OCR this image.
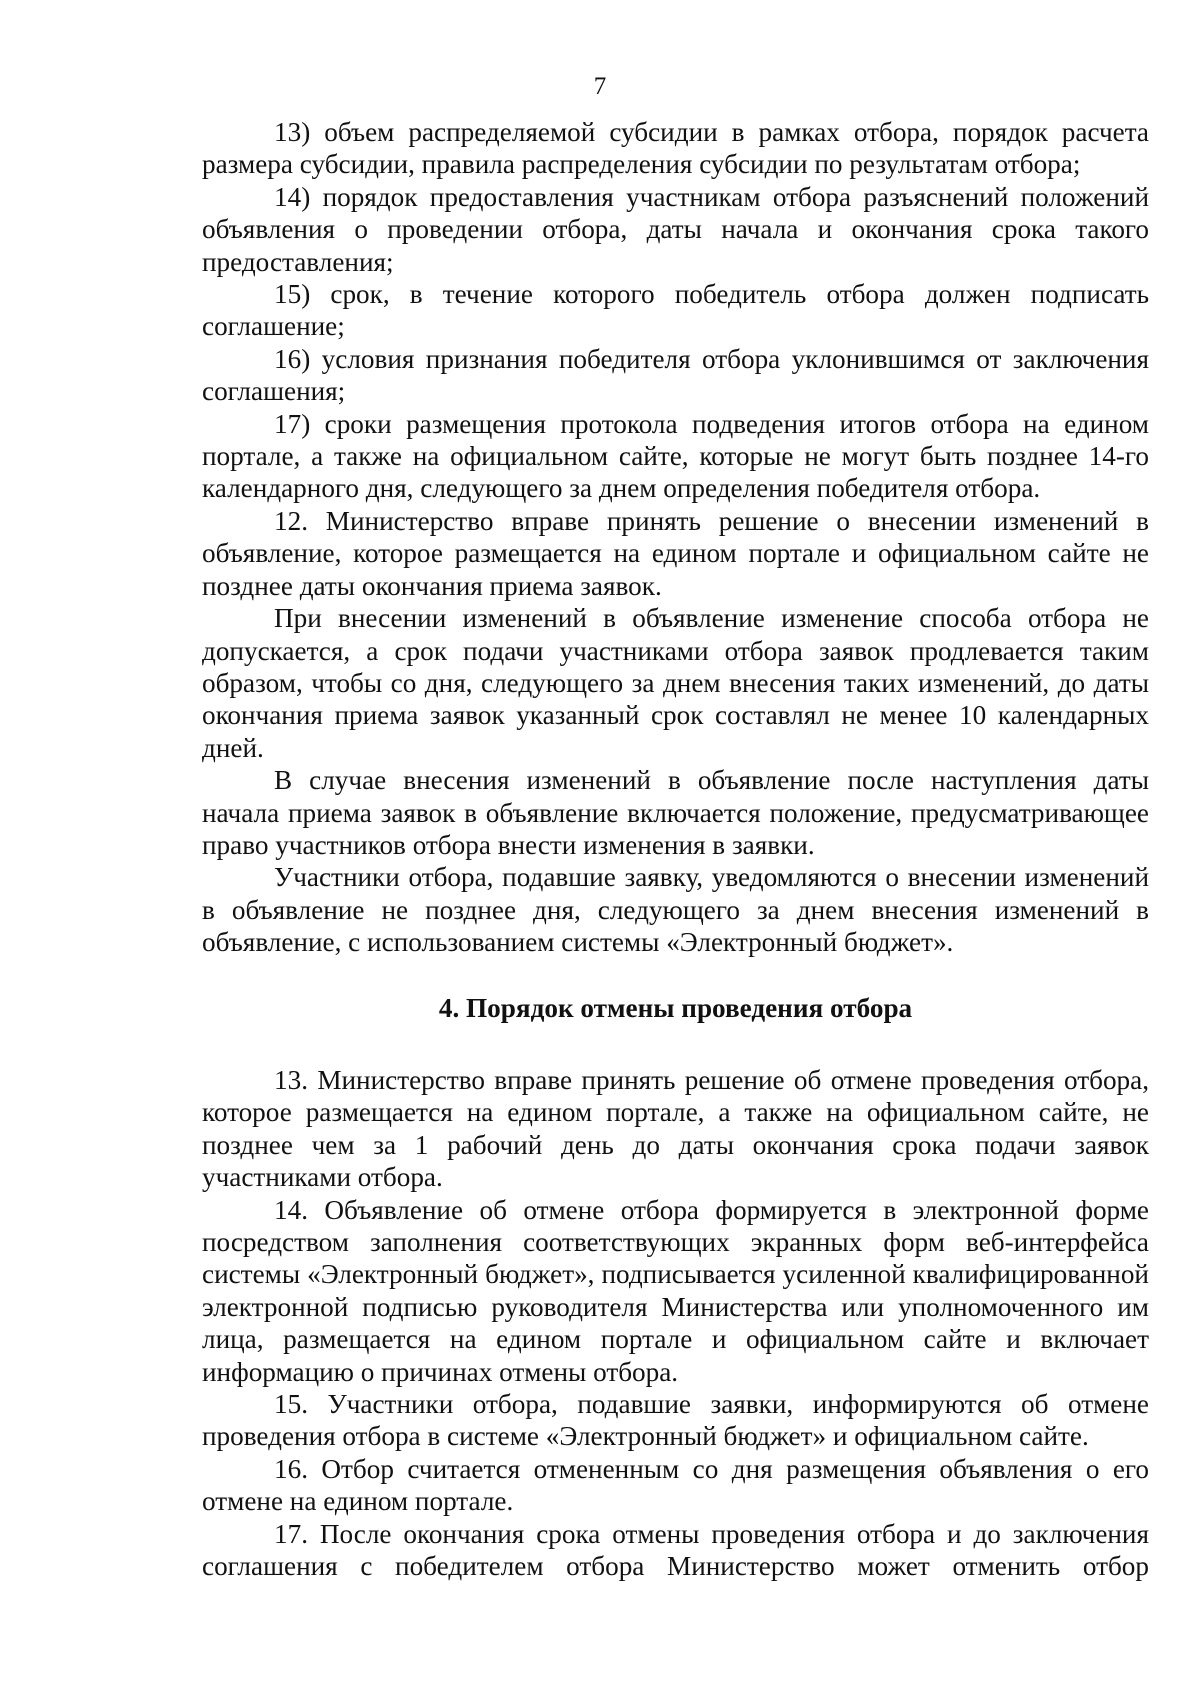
7

13) объем распределяемой субсидии в рамках отбора, порядок расчета размера субсидии, правила распределения субсидии по результатам отбора;

14) порядок предоставления участникам отбора разъяснений положений объявления о проведении отбора, даты начала и окончания срока такого предоставления;

15) срок, в течение которого победитель отбора должен подписать соглашение;

16) условия признания победителя отбора уклонившимся от заключения соглашения;

17) сроки размещения протокола подведения итогов отбора на едином портале, а также на официальном сайте, которые не могут быть позднее 14-го календарного дня, следующего за днем определения победителя отбора.

12. Министерство вправе принять решение о внесении изменений в объявление, которое размещается на едином портале и официальном сайте не позднее даты окончания приема заявок.

При внесении изменений в объявление изменение способа отбора не допускается, а срок подачи участниками отбора заявок продлевается таким образом, чтобы со дня, следующего за днем внесения таких изменений, до даты окончания приема заявок указанный срок составлял не менее 10 календарных дней.

В случае внесения изменений в объявление после наступления даты начала приема заявок в объявление включается положение, предусматривающее право участников отбора внести изменения в заявки.

Участники отбора, подавшие заявку, уведомляются о внесении изменений в объявление не позднее дня, следующего за днем внесения изменений в объявление, с использованием системы «Электронный бюджет».

4. Порядок отмены проведения отбора

13. Министерство вправе принять решение об отмене проведения отбора, которое размещается на едином портале, а также на официальном сайте, не позднее чем за 1 рабочий день до даты окончания срока подачи заявок участниками отбора.

14. Объявление об отмене отбора формируется в электронной форме посредством заполнения соответствующих экранных форм веб-интерфейса системы «Электронный бюджет», подписывается усиленной квалифицированной электронной подписью руководителя Министерства или уполномоченного им лица, размещается на едином портале и официальном сайте и включает информацию о причинах отмены отбора.

15. Участники отбора, подавшие заявки, информируются об отмене проведения отбора в системе «Электронный бюджет» и официальном сайте.

16. Отбор считается отмененным со дня размещения объявления о его отмене на едином портале.

17. После окончания срока отмены проведения отбора и до заключения соглашения с победителем отбора Министерство может отменить отбор
